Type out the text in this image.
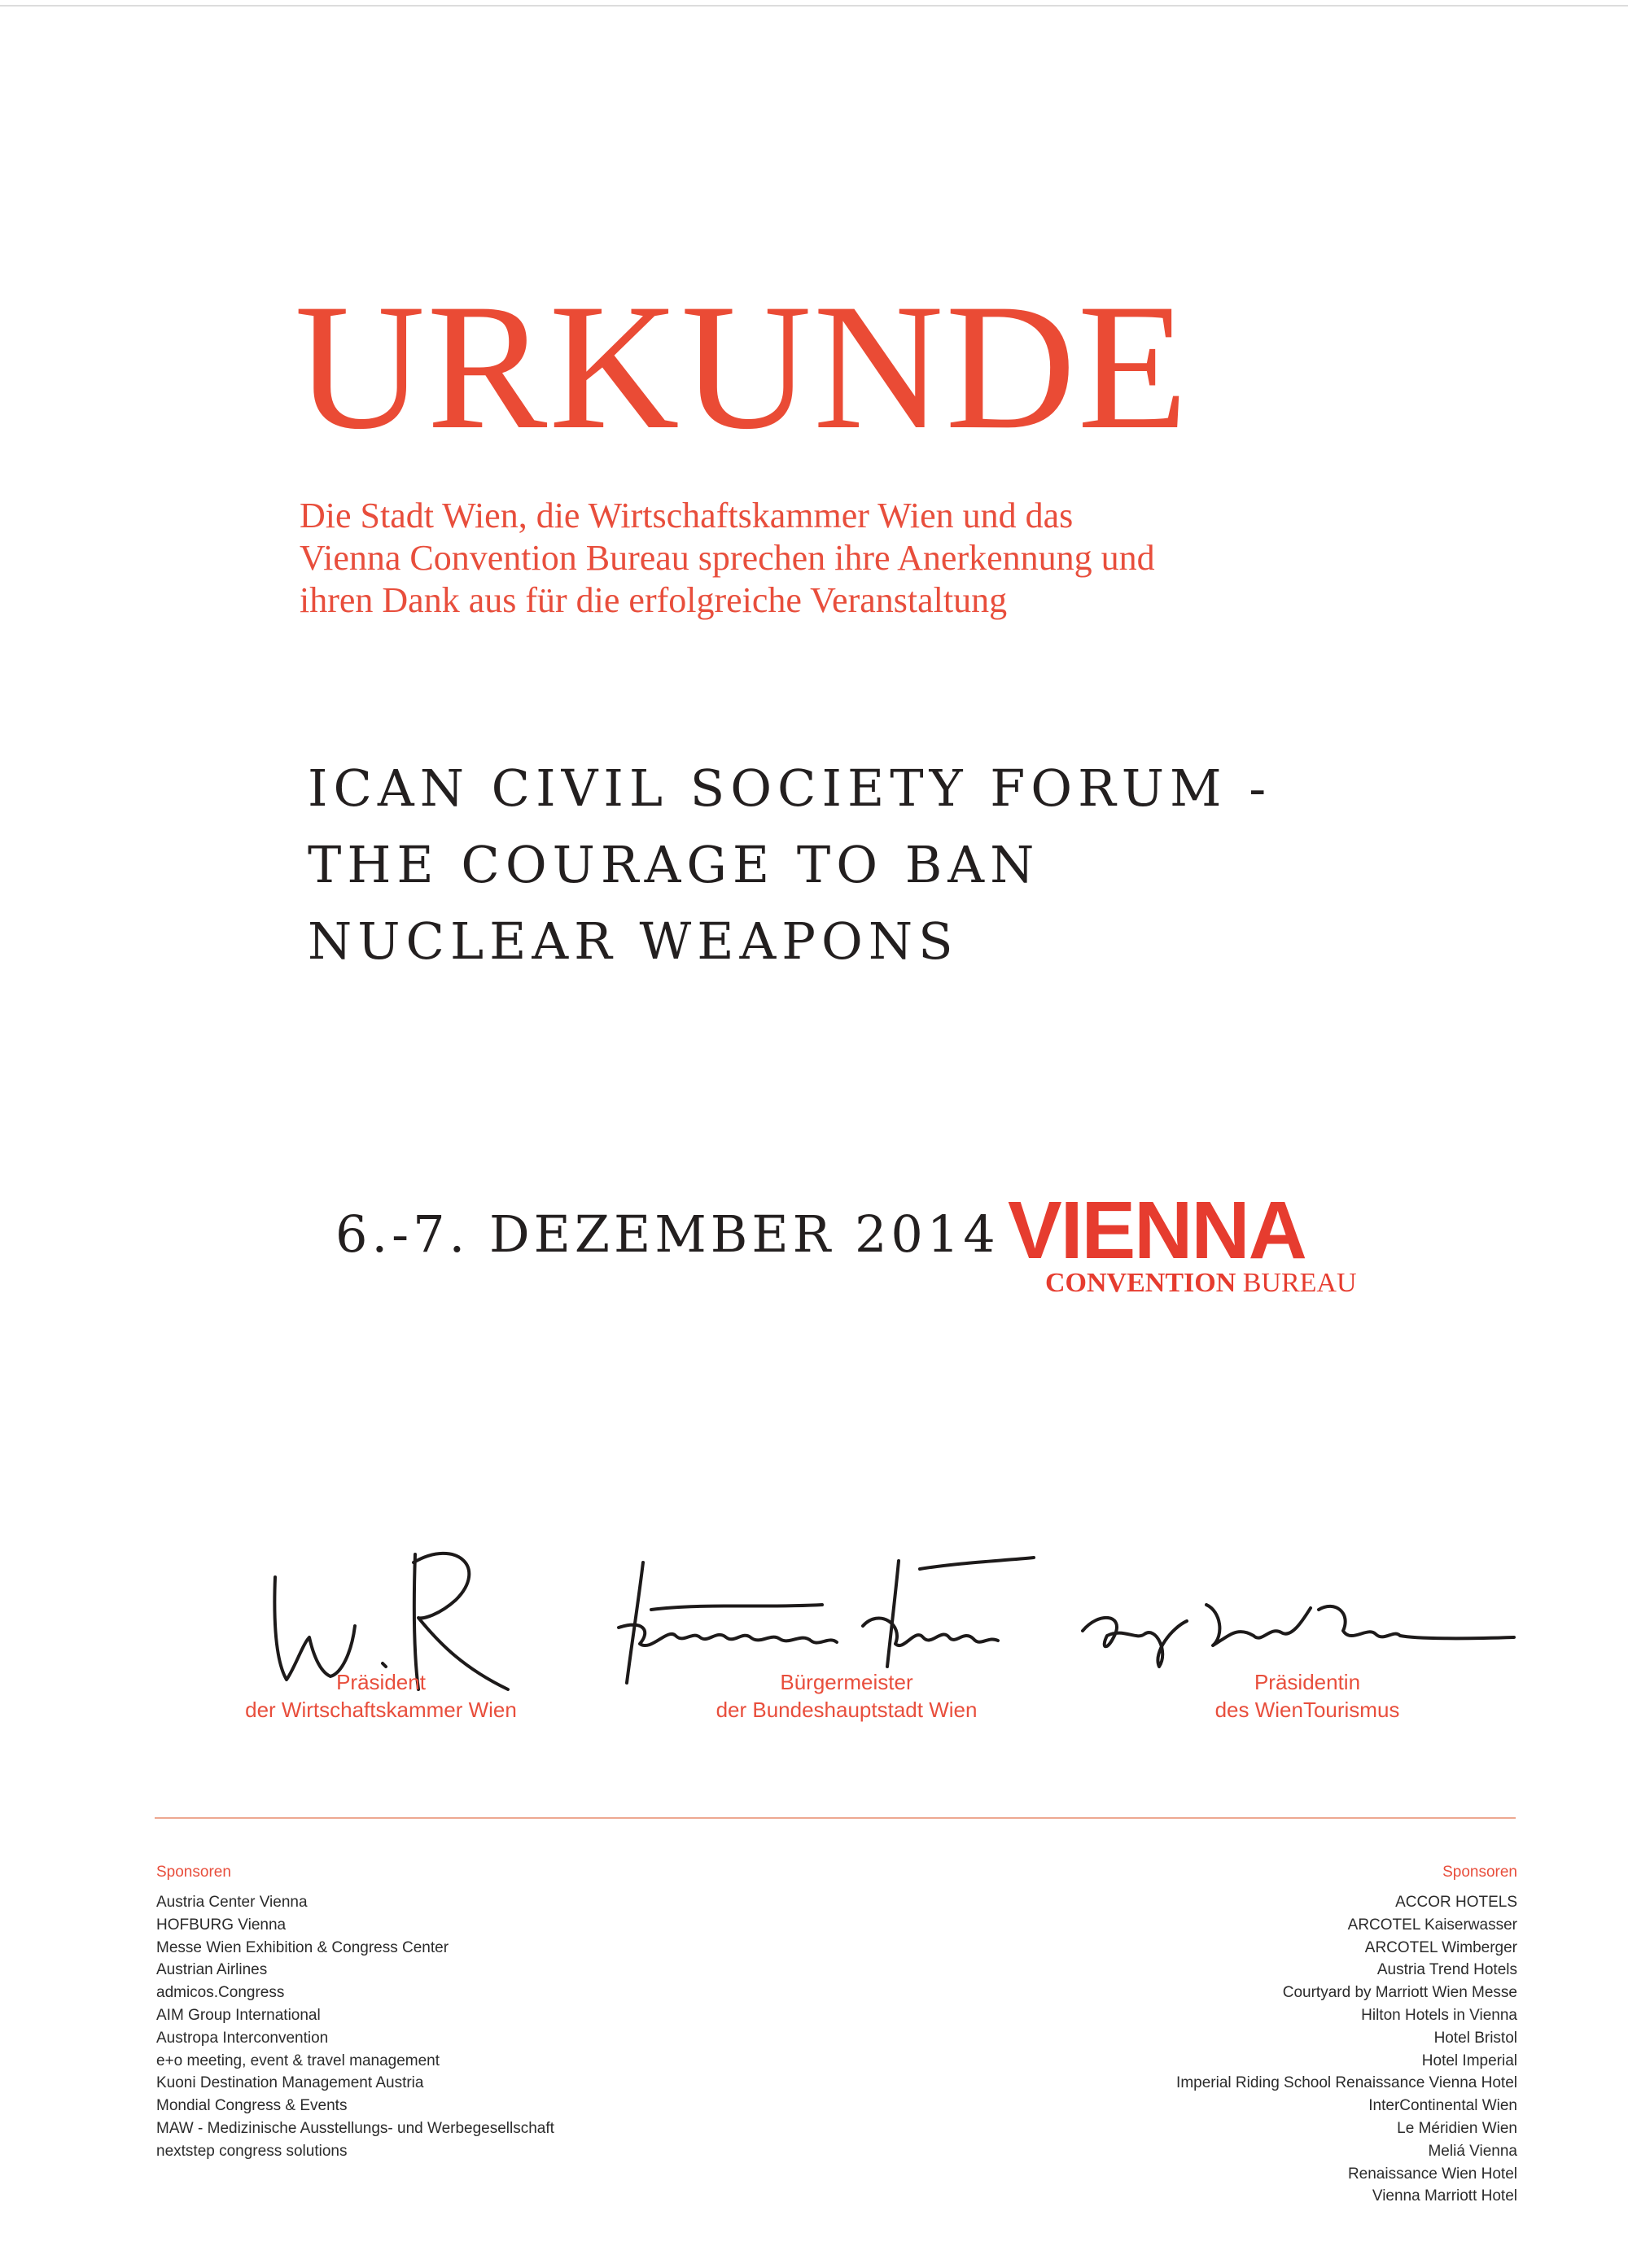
URKUNDE
Die Stadt Wien, die Wirtschaftskammer Wien und das
Vienna Convention Bureau sprechen ihre Anerkennung und
ihren Dank aus für die erfolgreiche Veranstaltung
ICAN CIVIL SOCIETY FORUM -
THE COURAGE TO BAN
NUCLEAR WEAPONS
6.-7. DEZEMBER 2014 VIENNA
CONVENTION BUREAU
Präsident
der Wirtschaftskammer Wien
Bürgermeister
der Bundeshauptstadt Wien
Präsidentin
des WienTourismus
Sponsoren	Sponsoren
Austria Center Vienna
HOFBURG Vienna
Messe Wien Exhibition & Congress Center
Austrian Airlines
admicos.Congress
AIM Group International
Austropa Interconvention
e+o meeting, event & travel management
Kuoni Destination Management Austria
Mondial Congress & Events
MAW - Medizinische Ausstellungs- und Werbegesellschaft
nextstep congress solutions
ACCOR HOTELS
ARCOTEL Kaiserwasser
ARCOTEL Wimberger
Austria Trend Hotels
Courtyard by Marriott Wien Messe
Hilton Hotels in Vienna
Hotel Bristol
Hotel Imperial
Imperial Riding School Renaissance Vienna Hotel
InterContinental Wien
Le Méridien Wien
Meliá Vienna
Renaissance Wien Hotel
Vienna Marriott Hotel
